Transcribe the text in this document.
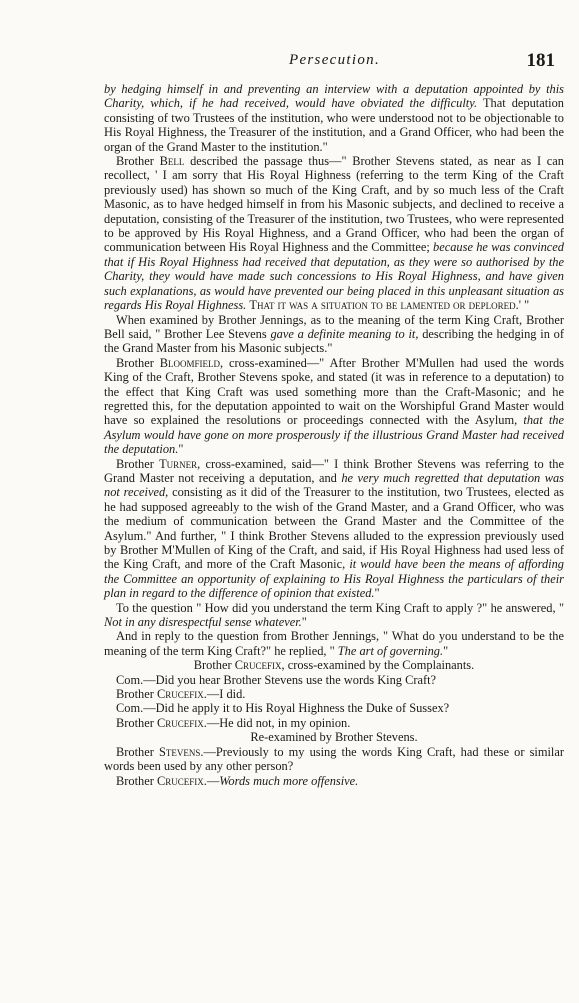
Persecution.	181

by hedging himself in and preventing an interview with a deputation appointed by this Charity, which, if he had received, would have obviated the difficulty. That deputation consisting of two Trustees of the institution, who were understood not to be objectionable to His Royal Highness, the Treasurer of the institution, and a Grand Officer, who had been the organ of the Grand Master to the institution."

Brother Bell described the passage thus—" Brother Stevens stated, as near as I can recollect, ' I am sorry that His Royal Highness (referring to the term King of the Craft previously used) has shown so much of the King Craft, and by so much less of the Craft Masonic, as to have hedged himself in from his Masonic subjects, and declined to receive a deputation, consisting of the Treasurer of the institution, two Trustees, who were represented to be approved by His Royal Highness, and a Grand Officer, who had been the organ of communication between His Royal Highness and the Committee; because he was convinced that if His Royal Highness had received that deputation, as they were so authorised by the Charity, they would have made such concessions to His Royal Highness, and have given such explanations, as would have prevented our being placed in this unpleasant situation as regards His Royal Highness. That it was a situation to be lamented or deplored.' "

When examined by Brother Jennings, as to the meaning of the term King Craft, Brother Bell said, " Brother Lee Stevens gave a definite meaning to it, describing the hedging in of the Grand Master from his Masonic subjects."

Brother Bloomfield, cross-examined—" After Brother M'Mullen had used the words King of the Craft, Brother Stevens spoke, and stated (it was in reference to a deputation) to the effect that King Craft was used something more than the Craft-Masonic; and he regretted this, for the deputation appointed to wait on the Worshipful Grand Master would have so explained the resolutions or proceedings connected with the Asylum, that the Asylum would have gone on more prosperously if the illustrious Grand Master had received the deputation."

Brother Turner, cross-examined, said—" I think Brother Stevens was referring to the Grand Master not receiving a deputation, and he very much regretted that deputation was not received, consisting as it did of the Treasurer to the institution, two Trustees, elected as he had supposed agreeably to the wish of the Grand Master, and a Grand Officer, who was the medium of communication between the Grand Master and the Committee of the Asylum." And further, " I think Brother Stevens alluded to the expression previously used by Brother M'Mullen of King of the Craft, and said, if His Royal Highness had used less of the King Craft, and more of the Craft Masonic, it would have been the means of affording the Committee an opportunity of explaining to His Royal Highness the particulars of their plan in regard to the difference of opinion that existed."

To the question " How did you understand the term King Craft to apply ?" he answered, " Not in any disrespectful sense whatever."

And in reply to the question from Brother Jennings, " What do you understand to be the meaning of the term King Craft?" he replied, " The art of governing."

Brother Crucefix, cross-examined by the Complainants.

Com.—Did you hear Brother Stevens use the words King Craft?

Brother Crucefix.—I did.

Com.—Did he apply it to His Royal Highness the Duke of Sussex?

Brother Crucefix.—He did not, in my opinion.

Re-examined by Brother Stevens.

Brother Stevens.—Previously to my using the words King Craft, had these or similar words been used by any other person?

Brother Crucefix.—Words much more offensive.
